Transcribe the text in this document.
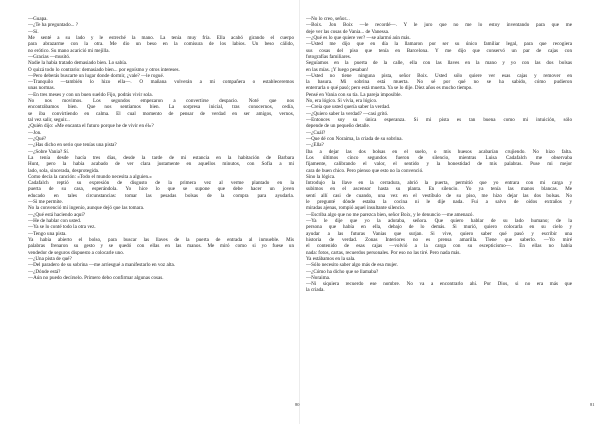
—Guapa.
—¿Te ha preguntado... ?
—Sí.
Me senté a su lado y le estreché la mano. La tenía muy fría. Ella acabó girando el cuerpo
para abrazarme con la otra. Me dio un beso en la comisura de los labios. Un beso cálido,
no erótico. Su mano acarició mi mejilla.
—Gracias —musitó.
Nadie la había tratado demasiado bien. Lo sabía.
O quizá todo lo contrario: demasiado bien... por egoísmo y otros intereses.
—Pero deberás buscarte un lugar donde dormir, ¿vale? —le rogué.
—Tranquilo —también lo hizo ella—. O mañana volverán a mi compañera o estableceremos
unas normas.
—En tres meses y con un buen sueldo Fijo, podrás vivir sola.
No nos movimos. Los segundos empezaron a convertirse despacio. Noté que nos
encontrábamos bien. Que nos sentíamos bien. La sorpresa inicial, tras conocernos, cedía,
se iba convirtiendo en calma. El cual momento de pensar de verdad en ser amigos, vernos,
tal vez salir, seguir...
¿Quién dijo: «Me encanta el futuro porque he de vivir en él»?
—Jon.
—¿Qué?
—¿Has dicho en serio que tenías una pista?
—¿Sobre Vania? Sí.
La tenía desde hacía tres días, desde la tarde de mi estancia en la habitación de Barbara
Hunt, pero la había acabado de ver clara justamente en aquellos minutos, con Sofía a mi
lado, sola, sincerada, desprotegida.
Como decía la canción: «Todo el mundo necesita a alguien.»
Cadafalch reptió su expresión de disgusto de la primera vez al verme plantado en la
puerta de su casa, esperándola. Yo hice lo que se supone que debe hacer un joven
educado en tales circunstancias: tomar las pesadas bolsas de la compra para ayudarla.
—Si me permite.
No la convenció mi ingenio, aunque dejó que las tomara.
—¿Qué está haciendo aquí?
—He de hablar con usted.
—Ya se lo conté todo la otra vez.
—Tengo una pista.
Ya había abierto el bolso, para buscar las llaves de la puerta de entrada al inmueble. Mis
palabras frenaron su gesto y se quedó con ellas en las manos. Me miró como si yo fuese un
vendedor de seguros dispuesto a colocarle uno.
—¿Una pista de qué?
—Del paradero de su sobrina —me arriesgué a manifestarlo en voz alta.
—¿Dónde está?
—Aún no puedo decírselo. Primero debo confirmar algunas cosas.
80
—No lo creo, señor...
—Boix. Jon Boix —le recordé—. Y le juro que no me lo estoy inventando para que me
deje ver las cosas de Vania... de Vanessa.
—¿Qué es lo que quiere ver? —se alarmó aún más.
—Usted me dijo que en día la llamaron por ser su único familiar legal, para que recogiera
sus cosas del piso que tenía en Barcelona. Y me dijo que conservó un par de cajas con
fotografías familiares.
Seguíamos en la puerta de la calle, ella con las llaves en la mano y yo con las dos bolsas
en las mías. ¡Y luego pesaban!
—Usted no tiene ninguna pista, señor Boix. Usted sólo quiere ver esas cajas y remover en
la basura. Mi sobrina está muerta. No sé por qué no se ha sabido, cómo pudieron
enterrarla o qué pasó; pero está muerta. Ya se lo dije. Diez años es mucho tiempo.
Pensé en Vania con su tía. La pareja imposible.
No, era lógico. Si vivía, era lógico.
—Creía que usted quería saber la verdad.
—¿Quiero saber la verdad? —casi gritó.
—Entonces soy su única esperanza. Si mi pista es tan buena como mi intuición, sólo
depende de un pequeño detalle.
—¿Cuál?
—Que dé con Noraima, la criada de su sobrina.
—¿Ella?
Iba a dejar las dos bolsas en el suelo, o mis huesos acabarían crujiendo. No hizo falta.
Los últimos cinco segundos fueron de silencio, mientras Luisa Cadafalch me observaba
fijamente, calibrando el valor, el sentido y la honestidad de mis palabras. Puse mi mejor
cara de buen chico. Pero pienso que esto no la convenció.
Sino la lógica.
Introdujo la llave en la cerradura, abrió la puerta, permitió que yo entrara con mi carga y
subimos en el ascensor hasta su planta. En silencio. Yo ya tenía las manos blancas. Me
sentí allí casi de cuando, una vez en el vestíbulo de su piso, me hizo dejar las dos bolsas. No
le pregunté dónde estaba la cocina ni le dije nada. Fui a salvo de oídos extraños y
miradas ajenas, rompió aquel insultante silencio.
—Escriba algo que no me parezca bien, señor Boix, y le denuncio —me amenazó.
—Ya le dije que yo la adoraba, señora. Que quiero hablar de su lado humano; de la
persona que había en ella, debajo de lo demás. Si murió, quiero colocarla en su cielo y
ayudar a las futuras Vanias que surjan. Si vive, quiero saber qué pasó y escribir una
historia de verdad. Zonas Interiores no es prensa amarilla. Tiene que saberlo. —Yo miré
el contenido de esas cajas —volvió a la carga con su escepticismo—. En ellas no había
nada: fotos, cartas, recuerdos personales. Por eso no las tiré. Pero nada más.
Ya estábamos en la sala.
—Sólo necesito saber algo más de esa mujer.
—¿Cómo ha dicho que se llamaba?
—Noraima.
—Ni siquiera recuerdo ese nombre. No va a encontrarlo ahí. Por Dios, si no era más que
la criada.
81
